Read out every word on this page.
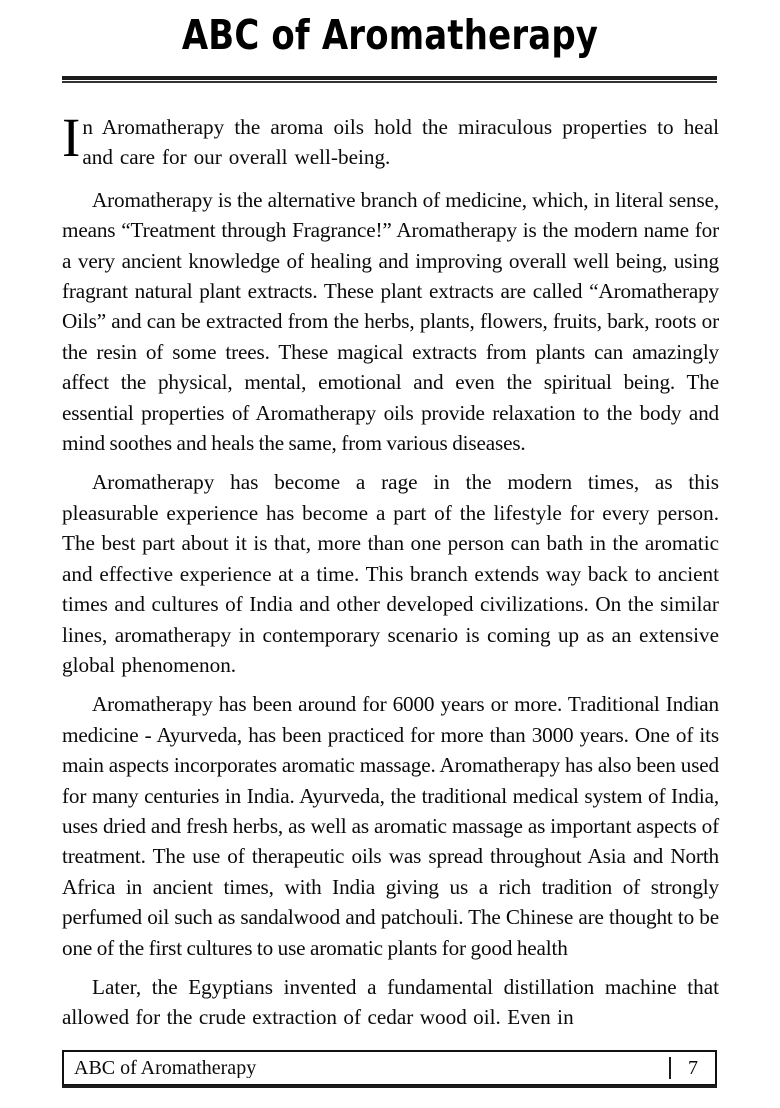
ABC of Aromatherapy

In Aromatherapy the aroma oils hold the miraculous properties to heal and care for our overall well-being.

Aromatherapy is the alternative branch of medicine, which, in literal sense, means “Treatment through Fragrance!” Aromatherapy is the modern name for a very ancient knowledge of healing and improving overall well being, using fragrant natural plant extracts. These plant extracts are called “Aromatherapy Oils” and can be extracted from the herbs, plants, flowers, fruits, bark, roots or the resin of some trees. These magical extracts from plants can amazingly affect the physical, mental, emotional and even the spiritual being. The essential properties of Aromatherapy oils provide relaxation to the body and mind soothes and heals the same, from various diseases.

Aromatherapy has become a rage in the modern times, as this pleasurable experience has become a part of the lifestyle for every person. The best part about it is that, more than one person can bath in the aromatic and effective experience at a time. This branch extends way back to ancient times and cultures of India and other developed civilizations. On the similar lines, aromatherapy in contemporary scenario is coming up as an extensive global phenomenon.

Aromatherapy has been around for 6000 years or more. Traditional Indian medicine - Ayurveda, has been practiced for more than 3000 years. One of its main aspects incorporates aromatic massage. Aromatherapy has also been used for many centuries in India. Ayurveda, the traditional medical system of India, uses dried and fresh herbs, as well as aromatic massage as important aspects of treatment. The use of therapeutic oils was spread throughout Asia and North Africa in ancient times, with India giving us a rich tradition of strongly perfumed oil such as sandalwood and patchouli. The Chinese are thought to be one of the first cultures to use aromatic plants for good health

Later, the Egyptians invented a fundamental distillation machine that allowed for the crude extraction of cedar wood oil. Even in

ABC of Aromatherapy	7
